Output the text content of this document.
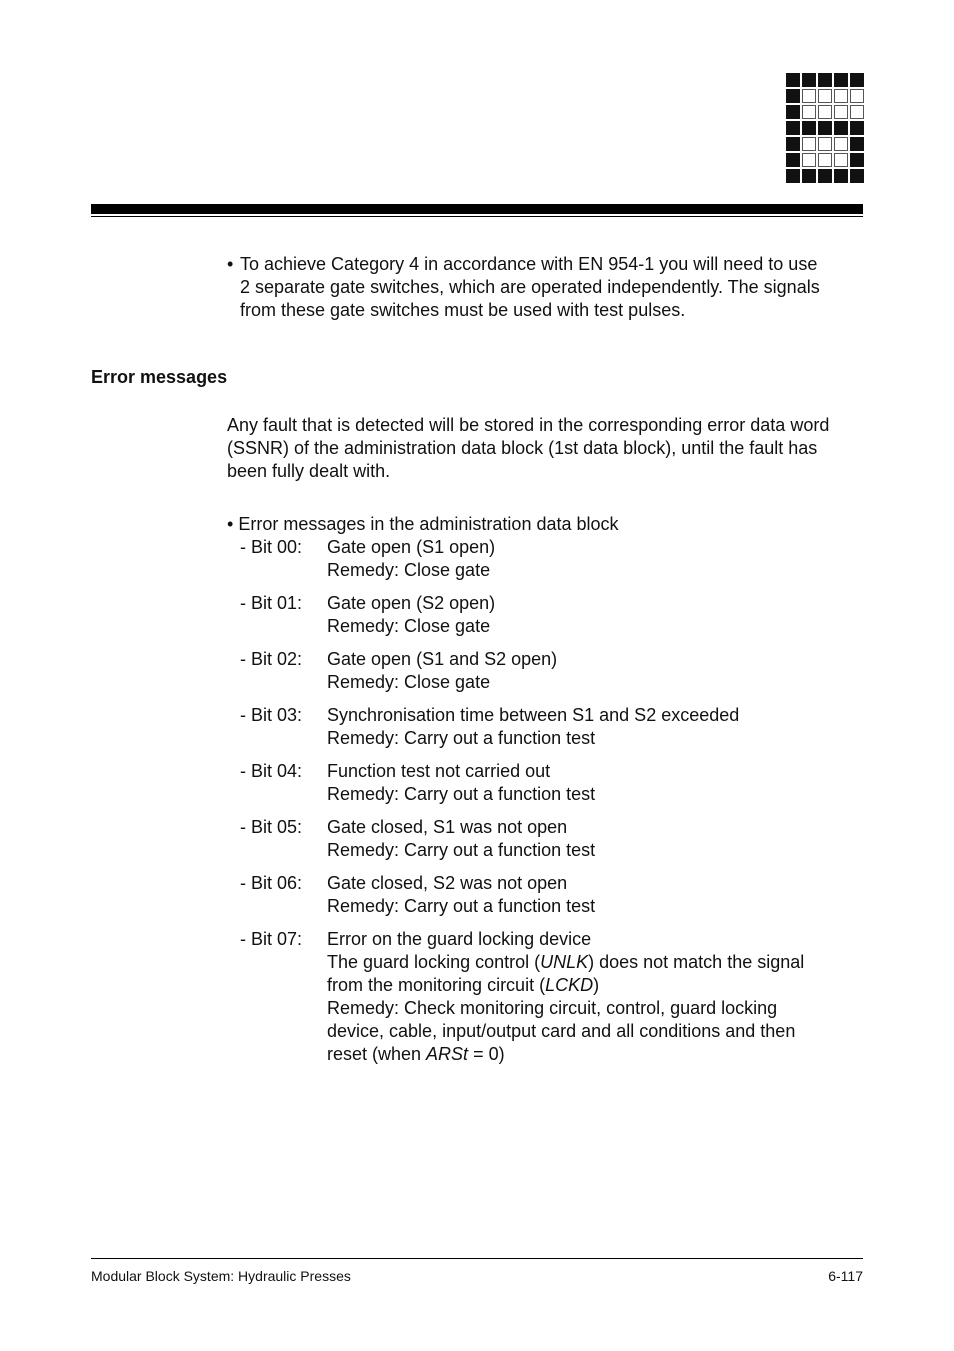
• To achieve Category 4 in accordance with EN 954-1 you will need to use
2 separate gate switches, which are operated independently. The signals
from these gate switches must be used with test pulses.
Error messages
Any fault that is detected will be stored in the corresponding error data word (SSNR) of the administration data block (1st data block), until the fault has been fully dealt with.
• Error messages in the administration data block
- Bit 00:	Gate open (S1 open)
Remedy: Close gate
- Bit 01:	Gate open (S2 open)
Remedy: Close gate
- Bit 02:	Gate open (S1 and S2 open)
Remedy: Close gate
- Bit 03:	Synchronisation time between S1 and S2 exceeded
Remedy: Carry out a function test
- Bit 04:	Function test not carried out
Remedy: Carry out a function test
- Bit 05:	Gate closed, S1 was not open
Remedy: Carry out a function test
- Bit 06:	Gate closed, S2 was not open
Remedy: Carry out a function test
- Bit 07:	Error on the guard locking device
The guard locking control (UNLK) does not match the signal
from the monitoring circuit (LCKD)
Remedy: Check monitoring circuit, control, guard locking
device, cable, input/output card and all conditions and then
reset (when ARSt = 0)
Modular Block System: Hydraulic Presses	6-117
